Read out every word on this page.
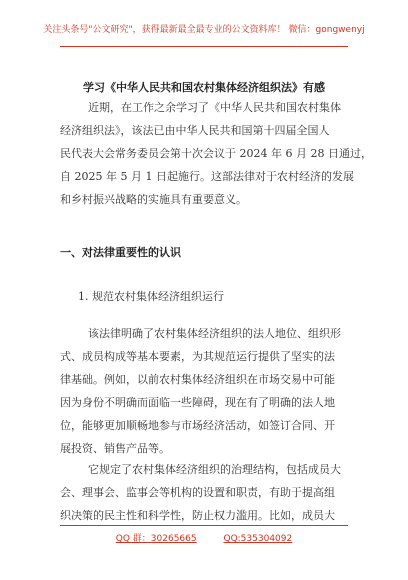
关注头条号"公文研究"，获得最新最全最专业的公文资料库！ 微信：gongwenyj
学习《中华人民共和国农村集体经济组织法》有感
近期，在工作之余学习了《中华人民共和国农村集体
经济组织法》，该法已由中华人民共和国第十四届全国人
民代表大会常务委员会第十次会议于 2024 年 6 月 28 日通过，
自 2025 年 5 月 1 日起施行。这部法律对于农村经济的发展
和乡村振兴战略的实施具有重要意义。
一、对法律重要性的认识
1. 规范农村集体经济组织运行
该法律明确了农村集体经济组织的法人地位、组织形
式、成员构成等基本要素，为其规范运行提供了坚实的法
律基础。例如，以前农村集体经济组织在市场交易中可能
因为身份不明确而面临一些障碍，现在有了明确的法人地
位，能够更加顺畅地参与市场经济活动，如签订合同、开
展投资、销售产品等。
它规定了农村集体经济组织的治理结构，包括成员大
会、理事会、监事会等机构的设置和职责，有助于提高组
织决策的民主性和科学性，防止权力滥用。比如，成员大
QQ 群：30265665	QQ:535304092
